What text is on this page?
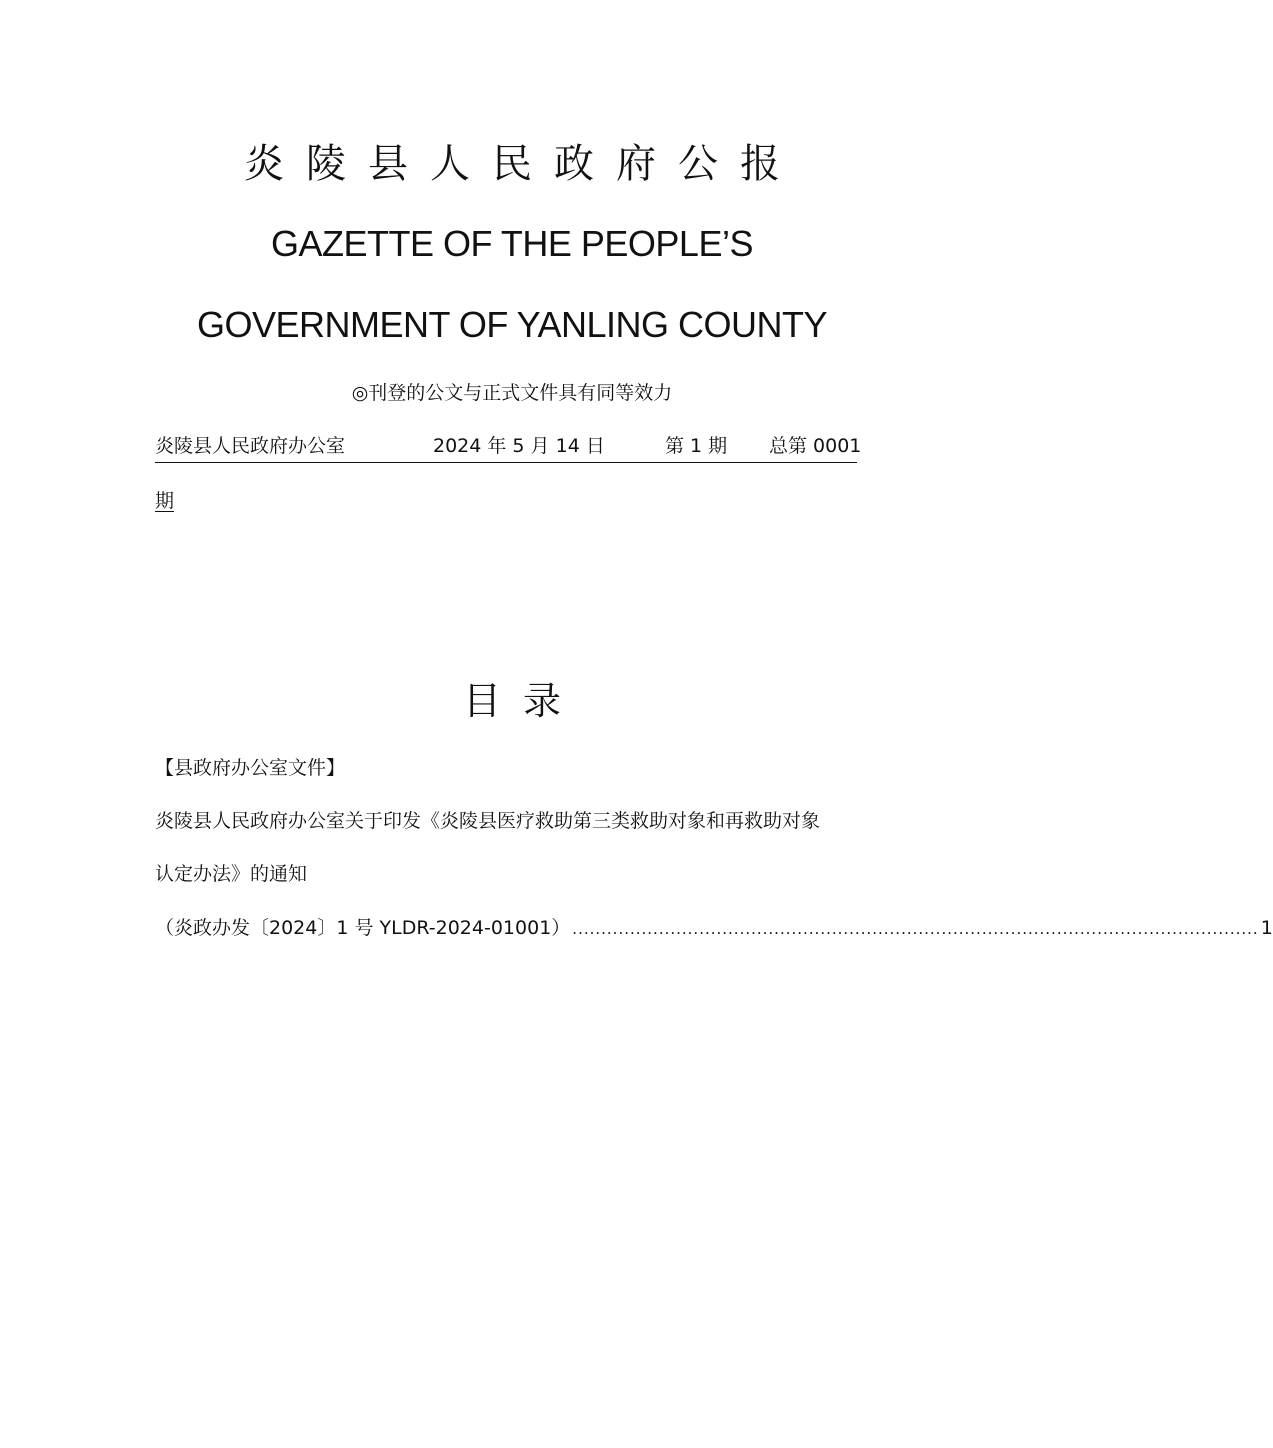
炎陵县人民政府公报
GAZETTE OF THE PEOPLE’S
GOVERNMENT OF YANLING COUNTY
◎刊登的公文与正式文件具有同等效力
炎陵县人民政府办公室	2024 年 5 月 14 日	第 1 期 总第 0001
期
目录
【县政府办公室文件】
炎陵县人民政府办公室关于印发《炎陵县医疗救助第三类救助对象和再救助对象
认定办法》的通知
（炎政办发〔2024〕1 号 YLDR-2024-01001） ....................................................................................................................... 1
